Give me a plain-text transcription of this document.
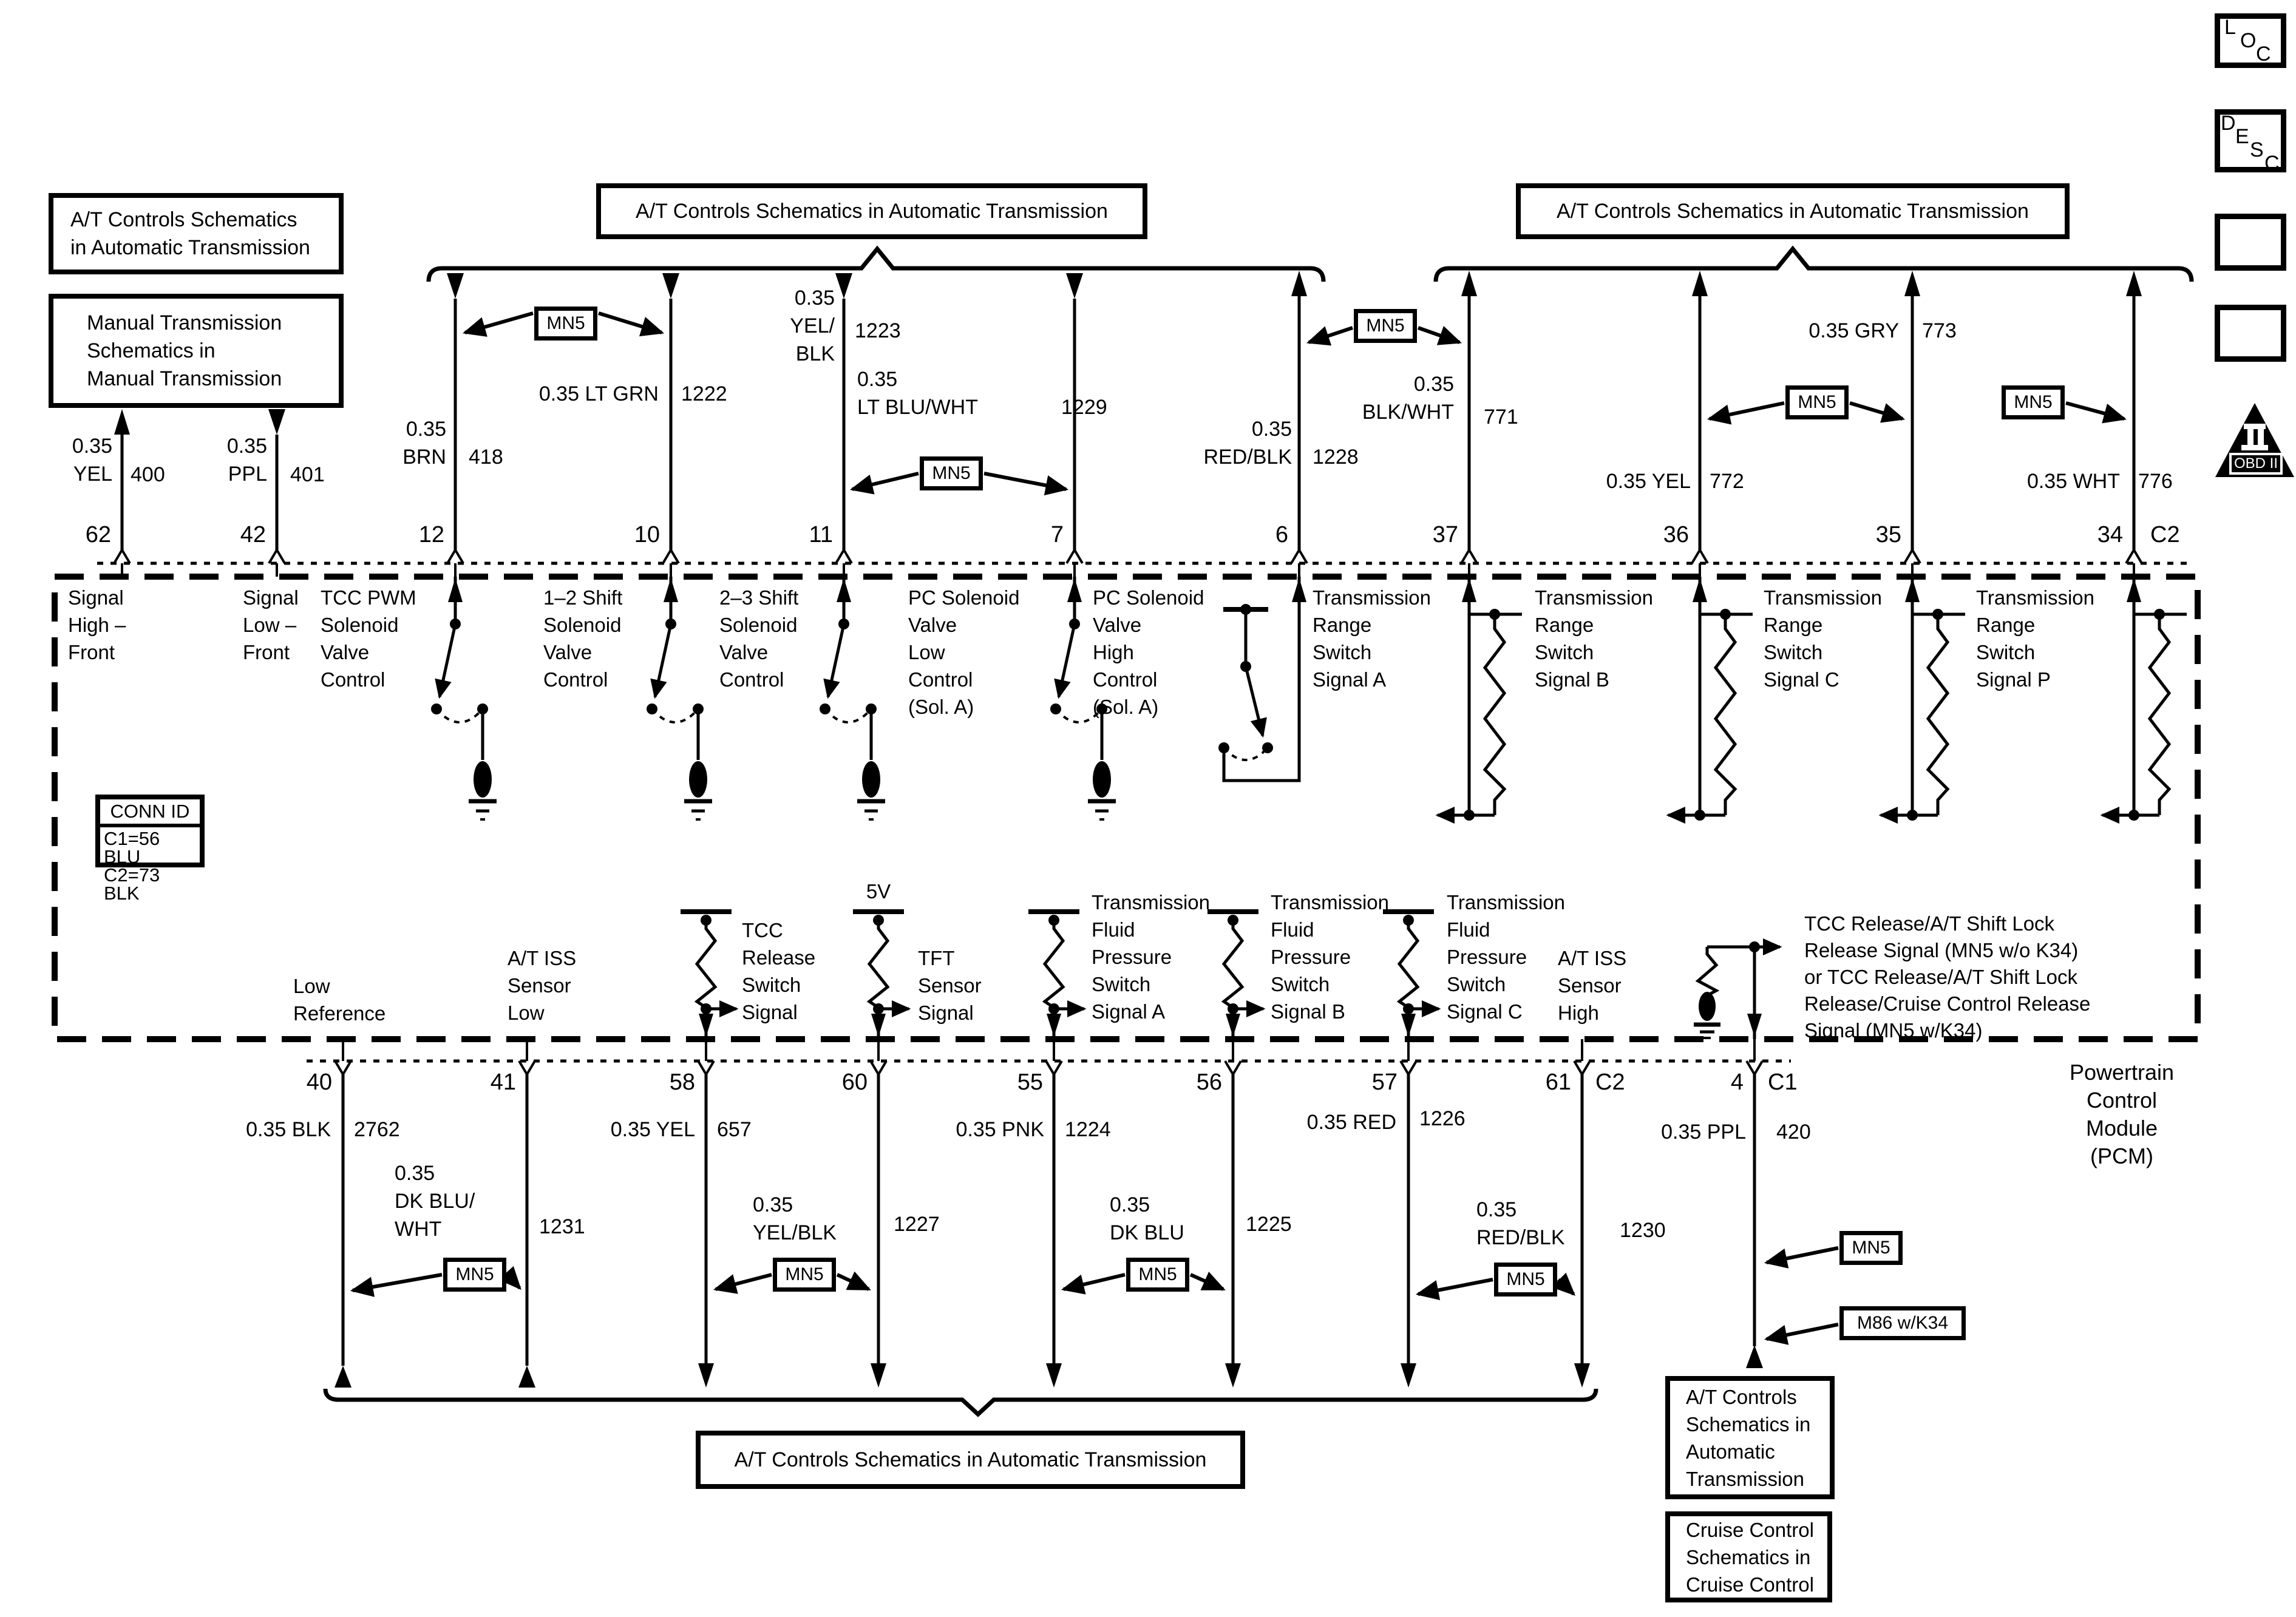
L
O
C
D
E
S
C
OBD II
A/T Controls Schematics
in Automatic Transmission
Manual Transmission
Schematics in
Manual Transmission
A/T Controls Schematics in Automatic Transmission	A/T Controls Schematics in Automatic Transmission
A/T Controls Schematics in Automatic Transmission
A/T Controls
Schematics in
Automatic
Transmission
Cruise Control
Schematics in
Cruise Control
CONN ID
C1=56 BLU
C2=73 BLK
Powertrain
Control
Module
(PCM)
MN5
MN5
MN5
MN5	MN5
MN5	MN5	MN5	MN5
MN5
M86 w/K34
0.35
YEL 400
0.35
PPL 401
0.35
BRN 418
0.35 LT GRN 1222
0.35
YEL/
BLK
1223
0.35
LT BLU/WHT	1229
0.35
RED/BLK 1228
0.35
BLK/WHT 771
0.35 YEL 772
0.35 GRY 773
0.35 WHT 776
62	42	12	10	11	7	6	37	36	35	34 C2
Signal
High –
Front
Signal
Low –
Front
TCC PWM
Solenoid
Valve
Control
1–2 Shift
Solenoid
Valve
Control
2–3 Shift
Solenoid
Valve
Control
PC Solenoid
Valve
Low
Control
(Sol. A)
PC Solenoid
Valve
High
Control
(Sol. A)
Transmission
Range
Switch
Signal A
Transmission
Range
Switch
Signal B
Transmission
Range
Switch
Signal C
Transmission
Range
Switch
Signal P
Low
Reference
A/T ISS
Sensor
Low
TCC
Release
Switch
Signal
5V
TFT
Sensor
Signal
Transmission
Fluid
Pressure
Switch
Signal A
Transmission
Fluid
Pressure
Switch
Signal B
Transmission
Fluid
Pressure
Switch
Signal C
A/T ISS
Sensor
High
TCC Release/A/T Shift Lock
Release Signal (MN5 w/o K34)
or TCC Release/A/T Shift Lock
Release/Cruise Control Release
Signal (MN5 w/K34)
40	41	58	60	55	56	57	61 C2	4 C1
0.35 BLK 2762
0.35
DK BLU/
WHT	1231
0.35 YEL 657
0.35
YEL/BLK	1227
0.35 PNK 1224
0.35
DK BLU	1225
0.35 RED 1226
0.35
RED/BLK	1230
0.35 PPL 420
